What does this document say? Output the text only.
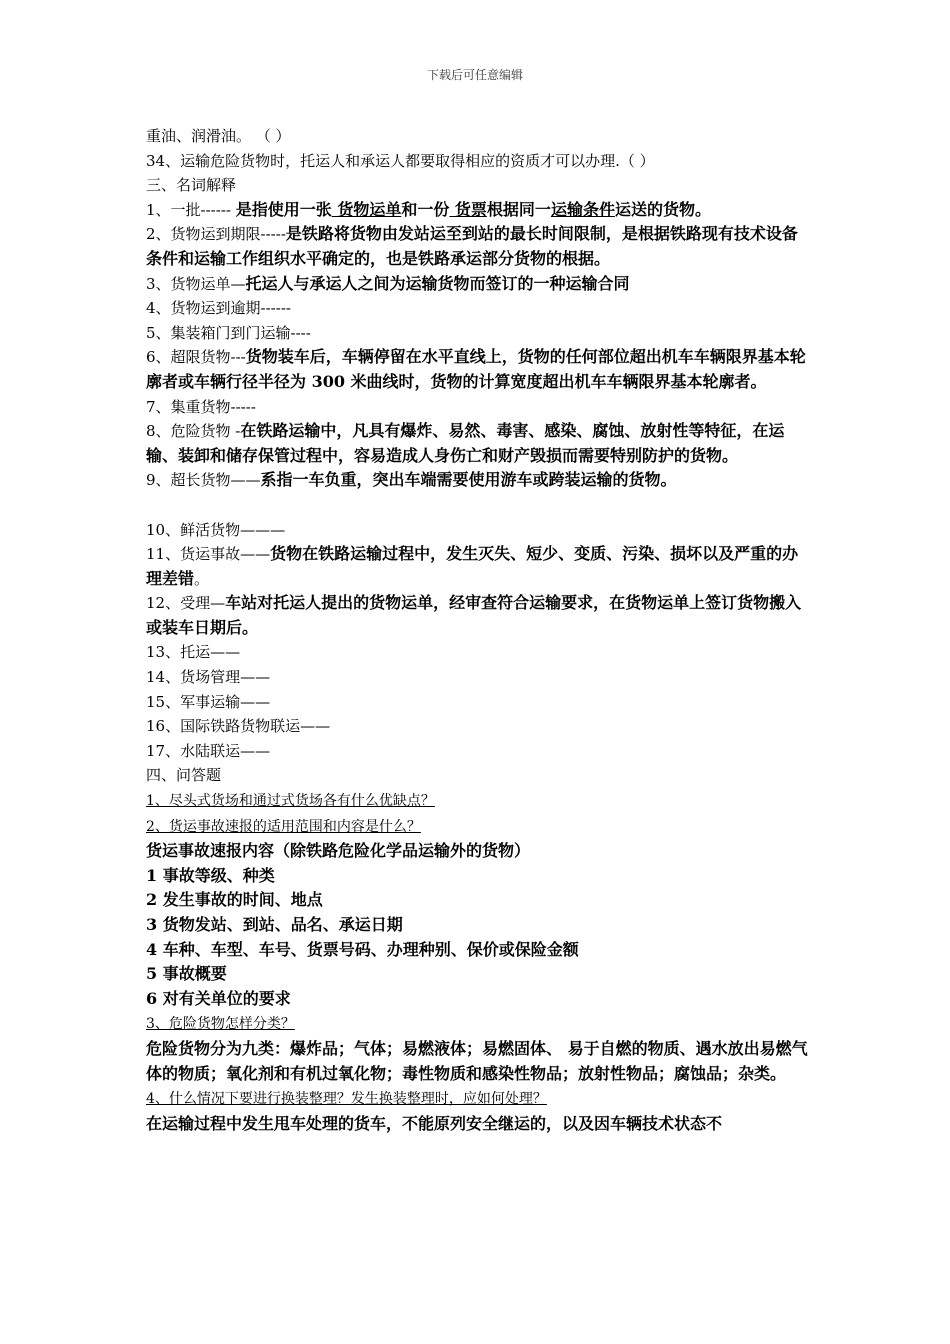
下载后可任意编辑
重油、润滑油。 （ ）
34、运输危险货物时，托运人和承运人都要取得相应的资质才可以办理.（ ）
三、名词解释
1、一批------ 是指使用一张 货物运单和一份 货票根据同一运输条件运送的货物。
2、货物运到期限-----是铁路将货物由发站运至到站的最长时间限制，是根据铁路现有技术设备条件和运输工作组织水平确定的，也是铁路承运部分货物的根据。
3、货物运单—托运人与承运人之间为运输货物而签订的一种运输合同
4、货物运到逾期------
5、集装箱门到门运输----
6、超限货物---货物装车后，车辆停留在水平直线上，货物的任何部位超出机车车辆限界基本轮廓者或车辆行径半径为 300 米曲线时，货物的计算宽度超出机车车辆限界基本轮廓者。
7、集重货物-----
8、危险货物 -在铁路运输中，凡具有爆炸、易然、毒害、感染、腐蚀、放射性等特征，在运输、装卸和储存保管过程中，容易造成人身伤亡和财产毁损而需要特别防护的货物。
9、超长货物——系指一车负重，突出车端需要使用游车或跨装运输的货物。
10、鲜活货物———
11、货运事故——货物在铁路运输过程中，发生灭失、短少、变质、污染、损坏以及严重的办理差错。
12、受理—车站对托运人提出的货物运单，经审查符合运输要求，在货物运单上签订货物搬入或装车日期后。
13、托运——
14、货场管理——
15、军事运输——
16、国际铁路货物联运——
17、水陆联运——
四、问答题
1、尽头式货场和通过式货场各有什么优缺点？
2、货运事故速报的适用范围和内容是什么？
货运事故速报内容（除铁路危险化学品运输外的货物）
1 事故等级、种类
2 发生事故的时间、地点
3 货物发站、到站、品名、承运日期
4 车种、车型、车号、货票号码、办理种别、保价或保险金额
5 事故概要
6 对有关单位的要求
3、危险货物怎样分类？
危险货物分为九类：爆炸品；气体；易燃液体；易燃固体、 易于自燃的物质、遇水放出易燃气体的物质；氧化剂和有机过氧化物；毒性物质和感染性物品；放射性物品；腐蚀品；杂类。
4、什么情况下要进行换装整理？发生换装整理时，应如何处理？
在运输过程中发生甩车处理的货车，不能原列安全继运的，以及因车辆技术状态不
